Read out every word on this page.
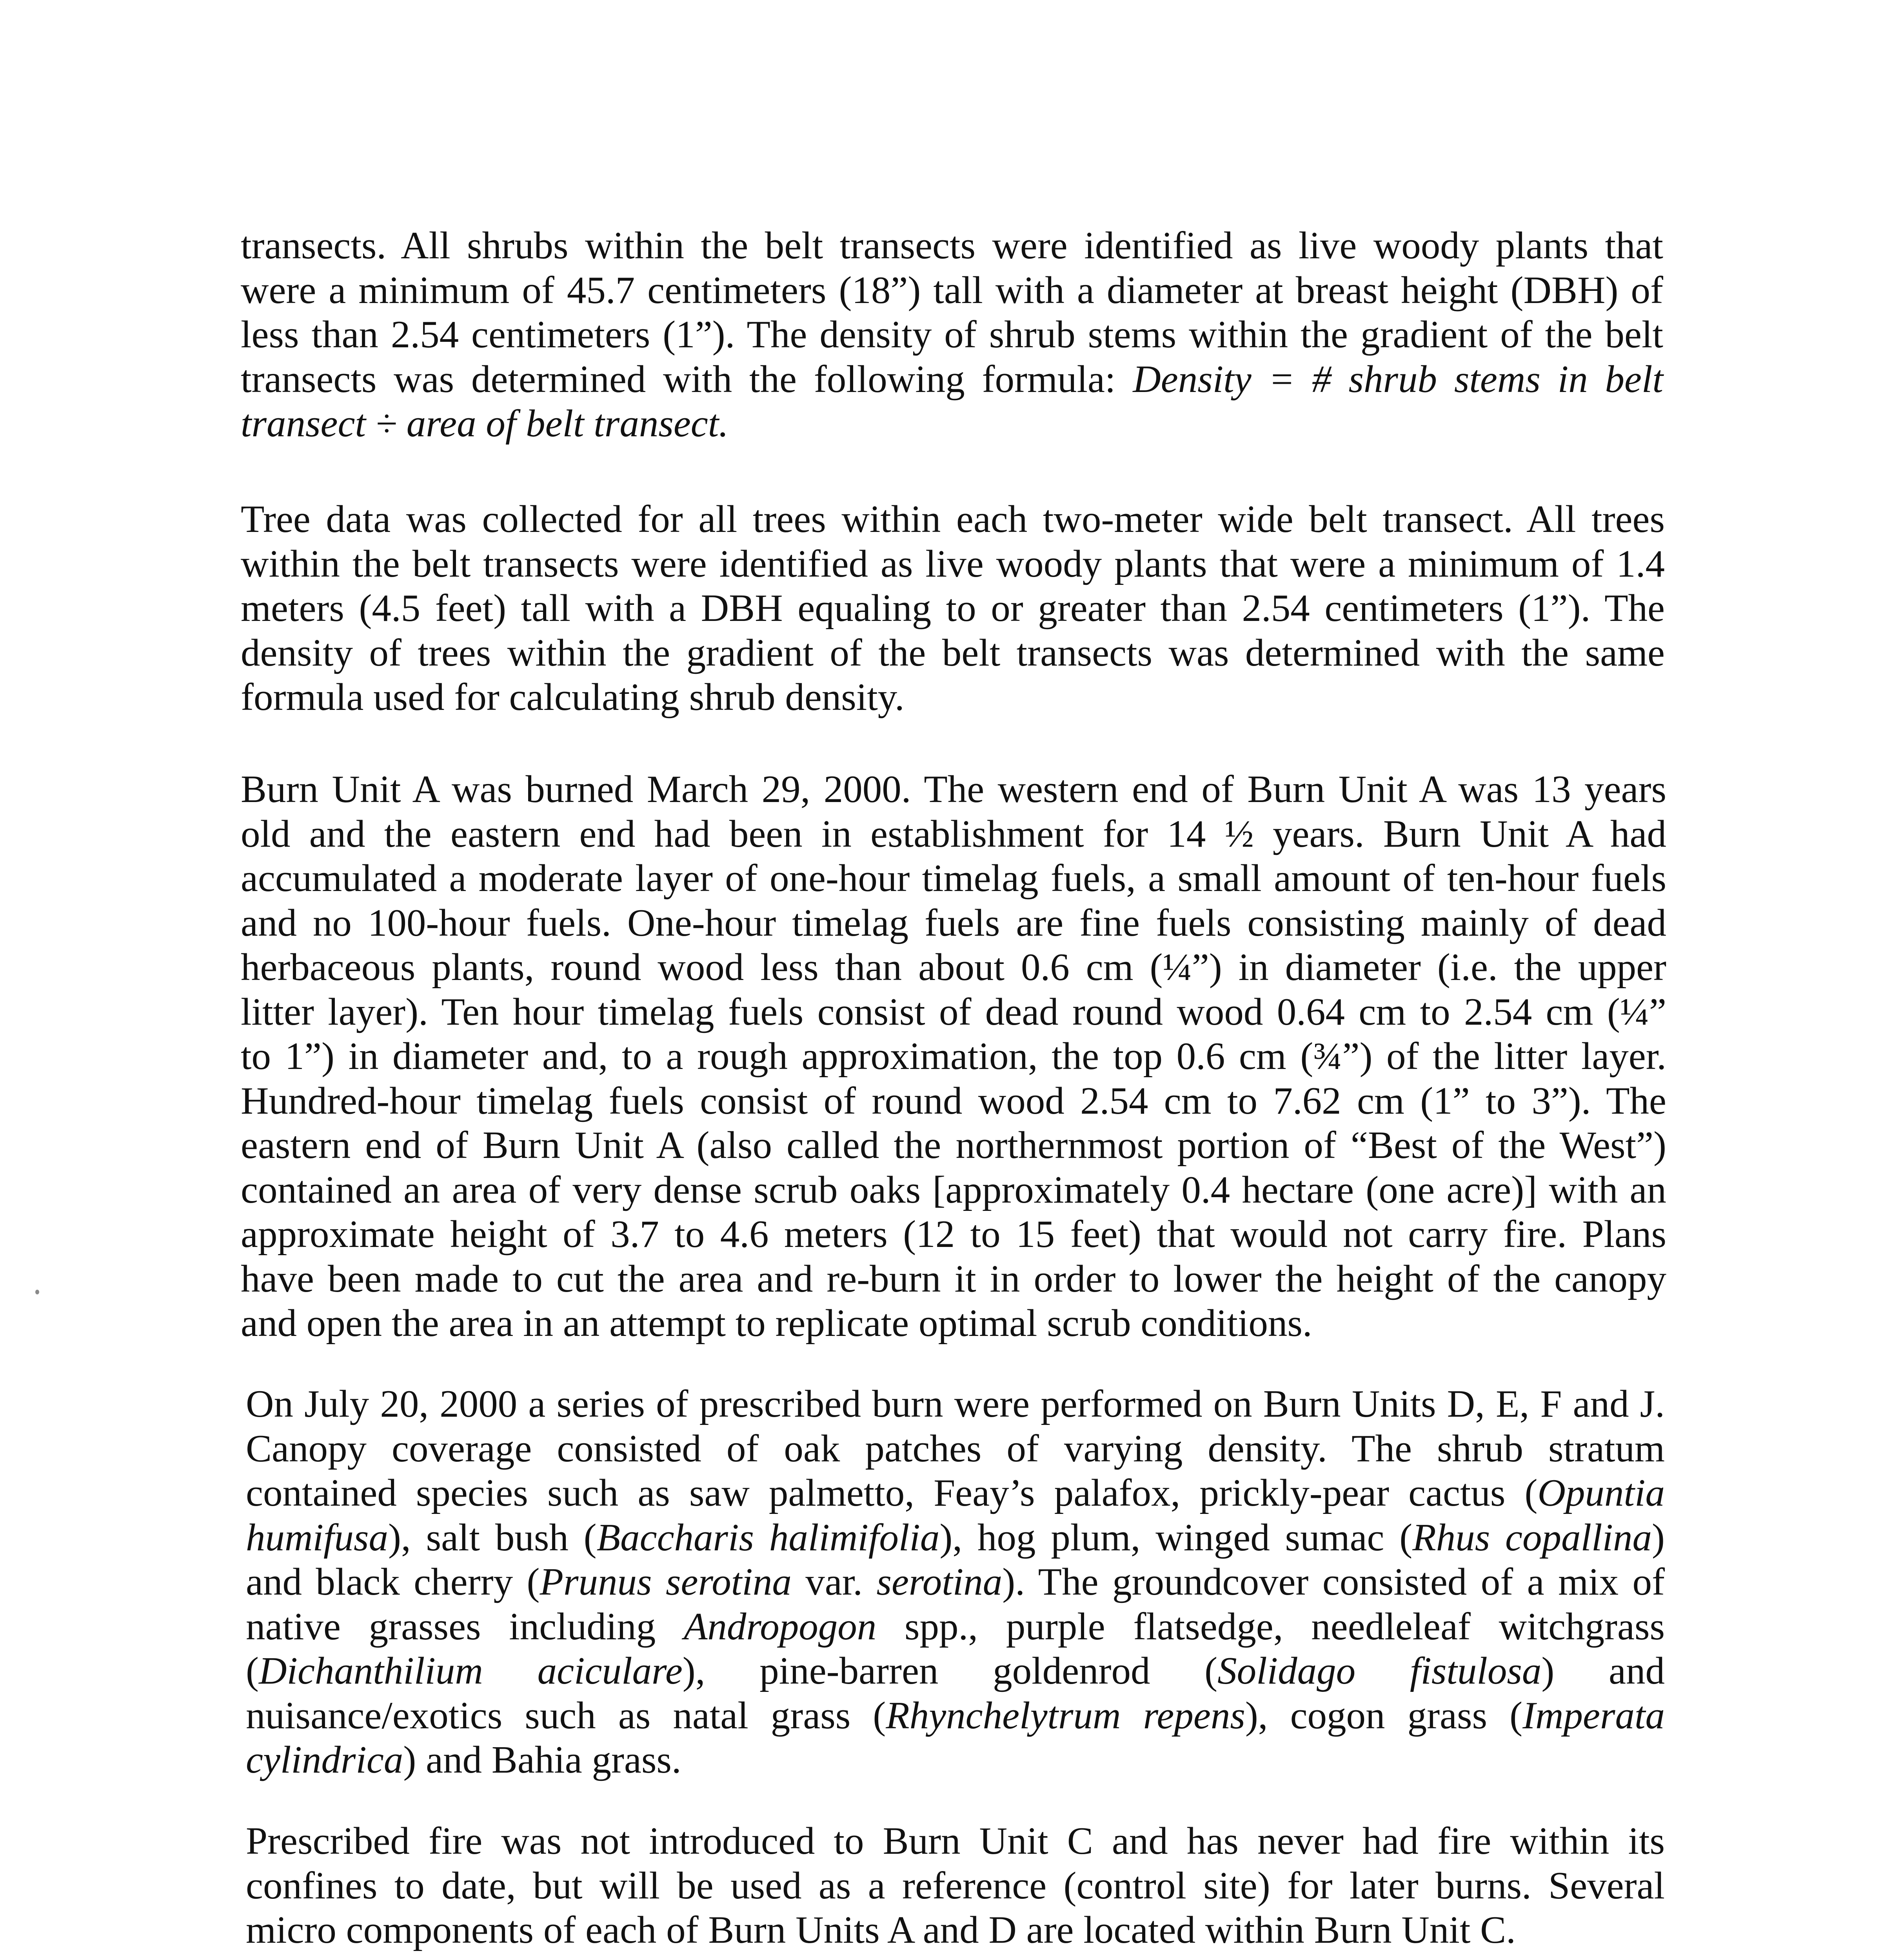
transects. All shrubs within the belt transects were identified as live woody plants that
were a minimum of 45.7 centimeters (18”) tall with a diameter at breast height (DBH) of
less than 2.54 centimeters (1”). The density of shrub stems within the gradient of the belt
transects was determined with the following formula: Density = # shrub stems in belt
transect ÷ area of belt transect.
Tree data was collected for all trees within each two-meter wide belt transect. All trees
within the belt transects were identified as live woody plants that were a minimum of 1.4
meters (4.5 feet) tall with a DBH equaling to or greater than 2.54 centimeters (1”). The
density of trees within the gradient of the belt transects was determined with the same
formula used for calculating shrub density.
Burn Unit A was burned March 29, 2000. The western end of Burn Unit A was 13 years
old and the eastern end had been in establishment for 14 ½ years. Burn Unit A had
accumulated a moderate layer of one-hour timelag fuels, a small amount of ten-hour fuels
and no 100-hour fuels. One-hour timelag fuels are fine fuels consisting mainly of dead
herbaceous plants, round wood less than about 0.6 cm (¼”) in diameter (i.e. the upper
litter layer). Ten hour timelag fuels consist of dead round wood 0.64 cm to 2.54 cm (¼”
to 1”) in diameter and, to a rough approximation, the top 0.6 cm (¾”) of the litter layer.
Hundred-hour timelag fuels consist of round wood 2.54 cm to 7.62 cm (1” to 3”). The
eastern end of Burn Unit A (also called the northernmost portion of “Best of the West”)
contained an area of very dense scrub oaks [approximately 0.4 hectare (one acre)] with an
approximate height of 3.7 to 4.6 meters (12 to 15 feet) that would not carry fire. Plans
have been made to cut the area and re-burn it in order to lower the height of the canopy
and open the area in an attempt to replicate optimal scrub conditions.
On July 20, 2000 a series of prescribed burn were performed on Burn Units D, E, F and J.
Canopy coverage consisted of oak patches of varying density. The shrub stratum
contained species such as saw palmetto, Feay’s palafox, prickly-pear cactus (Opuntia
humifusa), salt bush (Baccharis halimifolia), hog plum, winged sumac (Rhus copallina)
and black cherry (Prunus serotina var. serotina). The groundcover consisted of a mix of
native grasses including Andropogon spp., purple flatsedge, needleleaf witchgrass
(Dichanthilium aciculare), pine-barren goldenrod (Solidago fistulosa) and
nuisance/exotics such as natal grass (Rhynchelytrum repens), cogon grass (Imperata
cylindrica) and Bahia grass.
Prescribed fire was not introduced to Burn Unit C and has never had fire within its
confines to date, but will be used as a reference (control site) for later burns. Several
micro components of each of Burn Units A and D are located within Burn Unit C.
